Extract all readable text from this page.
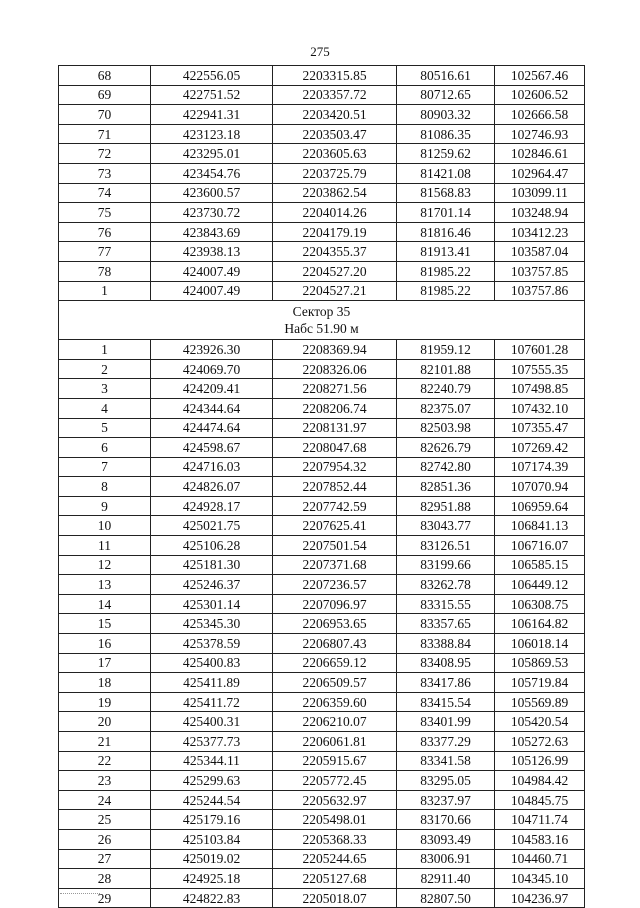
275
68	422556.05	2203315.85	80516.61	102567.46
69	422751.52	2203357.72	80712.65	102606.52
70	422941.31	2203420.51	80903.32	102666.58
71	423123.18	2203503.47	81086.35	102746.93
72	423295.01	2203605.63	81259.62	102846.61
73	423454.76	2203725.79	81421.08	102964.47
74	423600.57	2203862.54	81568.83	103099.11
75	423730.72	2204014.26	81701.14	103248.94
76	423843.69	2204179.19	81816.46	103412.23
77	423938.13	2204355.37	81913.41	103587.04
78	424007.49	2204527.20	81985.22	103757.85
1	424007.49	2204527.21	81985.22	103757.86

Сектор 35
Набс 51.90 м				

1	423926.30	2208369.94	81959.12	107601.28
2	424069.70	2208326.06	82101.88	107555.35
3	424209.41	2208271.56	82240.79	107498.85
4	424344.64	2208206.74	82375.07	107432.10
5	424474.64	2208131.97	82503.98	107355.47
6	424598.67	2208047.68	82626.79	107269.42
7	424716.03	2207954.32	82742.80	107174.39
8	424826.07	2207852.44	82851.36	107070.94
9	424928.17	2207742.59	82951.88	106959.64
10	425021.75	2207625.41	83043.77	106841.13
11	425106.28	2207501.54	83126.51	106716.07
12	425181.30	2207371.68	83199.66	106585.15
13	425246.37	2207236.57	83262.78	106449.12
14	425301.14	2207096.97	83315.55	106308.75
15	425345.30	2206953.65	83357.65	106164.82
16	425378.59	2206807.43	83388.84	106018.14
17	425400.83	2206659.12	83408.95	105869.53
18	425411.89	2206509.57	83417.86	105719.84
19	425411.72	2206359.60	83415.54	105569.89
20	425400.31	2206210.07	83401.99	105420.54
21	425377.73	2206061.81	83377.29	105272.63
22	425344.11	2205915.67	83341.58	105126.99
23	425299.63	2205772.45	83295.05	104984.42
24	425244.54	2205632.97	83237.97	104845.75
25	425179.16	2205498.01	83170.66	104711.74
26	425103.84	2205368.33	83093.49	104583.16
27	425019.02	2205244.65	83006.91	104460.71
28	424925.18	2205127.68	82911.40	104345.10
29	424822.83	2205018.07	82807.50	104236.97
